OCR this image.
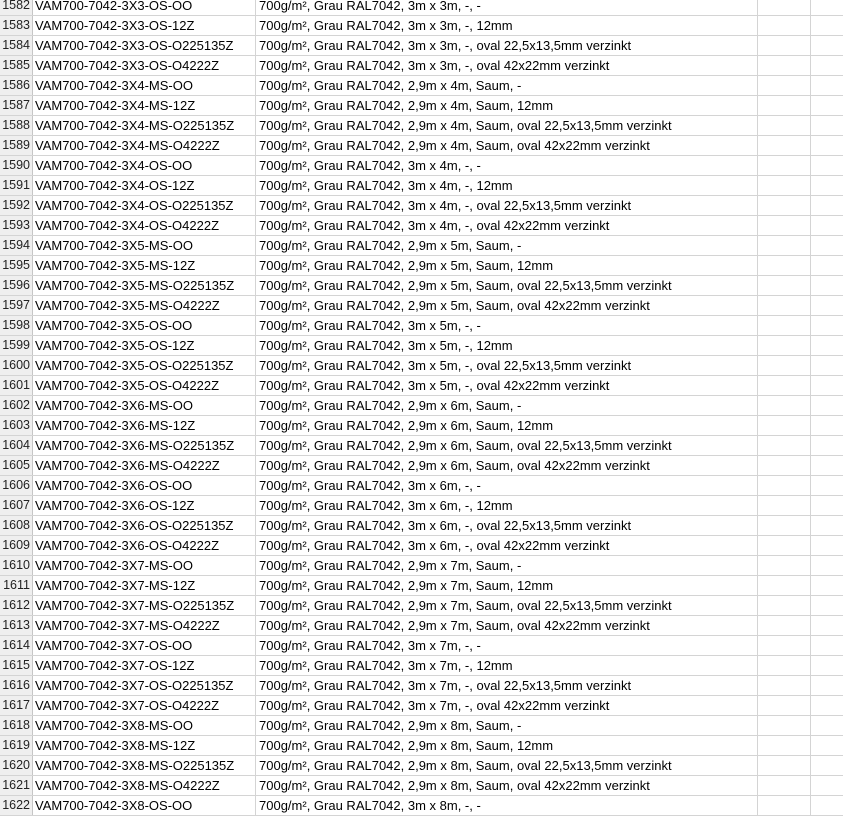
1582 VAM700-7042-3X3-OS-OO	700g/m², Grau RAL7042, 3m x 3m, -, -
1583 VAM700-7042-3X3-OS-12Z	700g/m², Grau RAL7042, 3m x 3m, -, 12mm
1584 VAM700-7042-3X3-OS-O225135Z	700g/m², Grau RAL7042, 3m x 3m, -, oval 22,5x13,5mm verzinkt
1585 VAM700-7042-3X3-OS-O4222Z	700g/m², Grau RAL7042, 3m x 3m, -, oval 42x22mm verzinkt
1586 VAM700-7042-3X4-MS-OO	700g/m², Grau RAL7042, 2,9m x 4m, Saum, -
1587 VAM700-7042-3X4-MS-12Z	700g/m², Grau RAL7042, 2,9m x 4m, Saum, 12mm
1588 VAM700-7042-3X4-MS-O225135Z	700g/m², Grau RAL7042, 2,9m x 4m, Saum, oval 22,5x13,5mm verzinkt
1589 VAM700-7042-3X4-MS-O4222Z	700g/m², Grau RAL7042, 2,9m x 4m, Saum, oval 42x22mm verzinkt
1590 VAM700-7042-3X4-OS-OO	700g/m², Grau RAL7042, 3m x 4m, -, -
1591 VAM700-7042-3X4-OS-12Z	700g/m², Grau RAL7042, 3m x 4m, -, 12mm
1592 VAM700-7042-3X4-OS-O225135Z	700g/m², Grau RAL7042, 3m x 4m, -, oval 22,5x13,5mm verzinkt
1593 VAM700-7042-3X4-OS-O4222Z	700g/m², Grau RAL7042, 3m x 4m, -, oval 42x22mm verzinkt
1594 VAM700-7042-3X5-MS-OO	700g/m², Grau RAL7042, 2,9m x 5m, Saum, -
1595 VAM700-7042-3X5-MS-12Z	700g/m², Grau RAL7042, 2,9m x 5m, Saum, 12mm
1596 VAM700-7042-3X5-MS-O225135Z	700g/m², Grau RAL7042, 2,9m x 5m, Saum, oval 22,5x13,5mm verzinkt
1597 VAM700-7042-3X5-MS-O4222Z	700g/m², Grau RAL7042, 2,9m x 5m, Saum, oval 42x22mm verzinkt
1598 VAM700-7042-3X5-OS-OO	700g/m², Grau RAL7042, 3m x 5m, -, -
1599 VAM700-7042-3X5-OS-12Z	700g/m², Grau RAL7042, 3m x 5m, -, 12mm
1600 VAM700-7042-3X5-OS-O225135Z	700g/m², Grau RAL7042, 3m x 5m, -, oval 22,5x13,5mm verzinkt
1601 VAM700-7042-3X5-OS-O4222Z	700g/m², Grau RAL7042, 3m x 5m, -, oval 42x22mm verzinkt
1602 VAM700-7042-3X6-MS-OO	700g/m², Grau RAL7042, 2,9m x 6m, Saum, -
1603 VAM700-7042-3X6-MS-12Z	700g/m², Grau RAL7042, 2,9m x 6m, Saum, 12mm
1604 VAM700-7042-3X6-MS-O225135Z	700g/m², Grau RAL7042, 2,9m x 6m, Saum, oval 22,5x13,5mm verzinkt
1605 VAM700-7042-3X6-MS-O4222Z	700g/m², Grau RAL7042, 2,9m x 6m, Saum, oval 42x22mm verzinkt
1606 VAM700-7042-3X6-OS-OO	700g/m², Grau RAL7042, 3m x 6m, -, -
1607 VAM700-7042-3X6-OS-12Z	700g/m², Grau RAL7042, 3m x 6m, -, 12mm
1608 VAM700-7042-3X6-OS-O225135Z	700g/m², Grau RAL7042, 3m x 6m, -, oval 22,5x13,5mm verzinkt
1609 VAM700-7042-3X6-OS-O4222Z	700g/m², Grau RAL7042, 3m x 6m, -, oval 42x22mm verzinkt
1610 VAM700-7042-3X7-MS-OO	700g/m², Grau RAL7042, 2,9m x 7m, Saum, -
1611 VAM700-7042-3X7-MS-12Z	700g/m², Grau RAL7042, 2,9m x 7m, Saum, 12mm
1612 VAM700-7042-3X7-MS-O225135Z	700g/m², Grau RAL7042, 2,9m x 7m, Saum, oval 22,5x13,5mm verzinkt
1613 VAM700-7042-3X7-MS-O4222Z	700g/m², Grau RAL7042, 2,9m x 7m, Saum, oval 42x22mm verzinkt
1614 VAM700-7042-3X7-OS-OO	700g/m², Grau RAL7042, 3m x 7m, -, -
1615 VAM700-7042-3X7-OS-12Z	700g/m², Grau RAL7042, 3m x 7m, -, 12mm
1616 VAM700-7042-3X7-OS-O225135Z	700g/m², Grau RAL7042, 3m x 7m, -, oval 22,5x13,5mm verzinkt
1617 VAM700-7042-3X7-OS-O4222Z	700g/m², Grau RAL7042, 3m x 7m, -, oval 42x22mm verzinkt
1618 VAM700-7042-3X8-MS-OO	700g/m², Grau RAL7042, 2,9m x 8m, Saum, -
1619 VAM700-7042-3X8-MS-12Z	700g/m², Grau RAL7042, 2,9m x 8m, Saum, 12mm
1620 VAM700-7042-3X8-MS-O225135Z	700g/m², Grau RAL7042, 2,9m x 8m, Saum, oval 22,5x13,5mm verzinkt
1621 VAM700-7042-3X8-MS-O4222Z	700g/m², Grau RAL7042, 2,9m x 8m, Saum, oval 42x22mm verzinkt
1622 VAM700-7042-3X8-OS-OO	700g/m², Grau RAL7042, 3m x 8m, -, -
